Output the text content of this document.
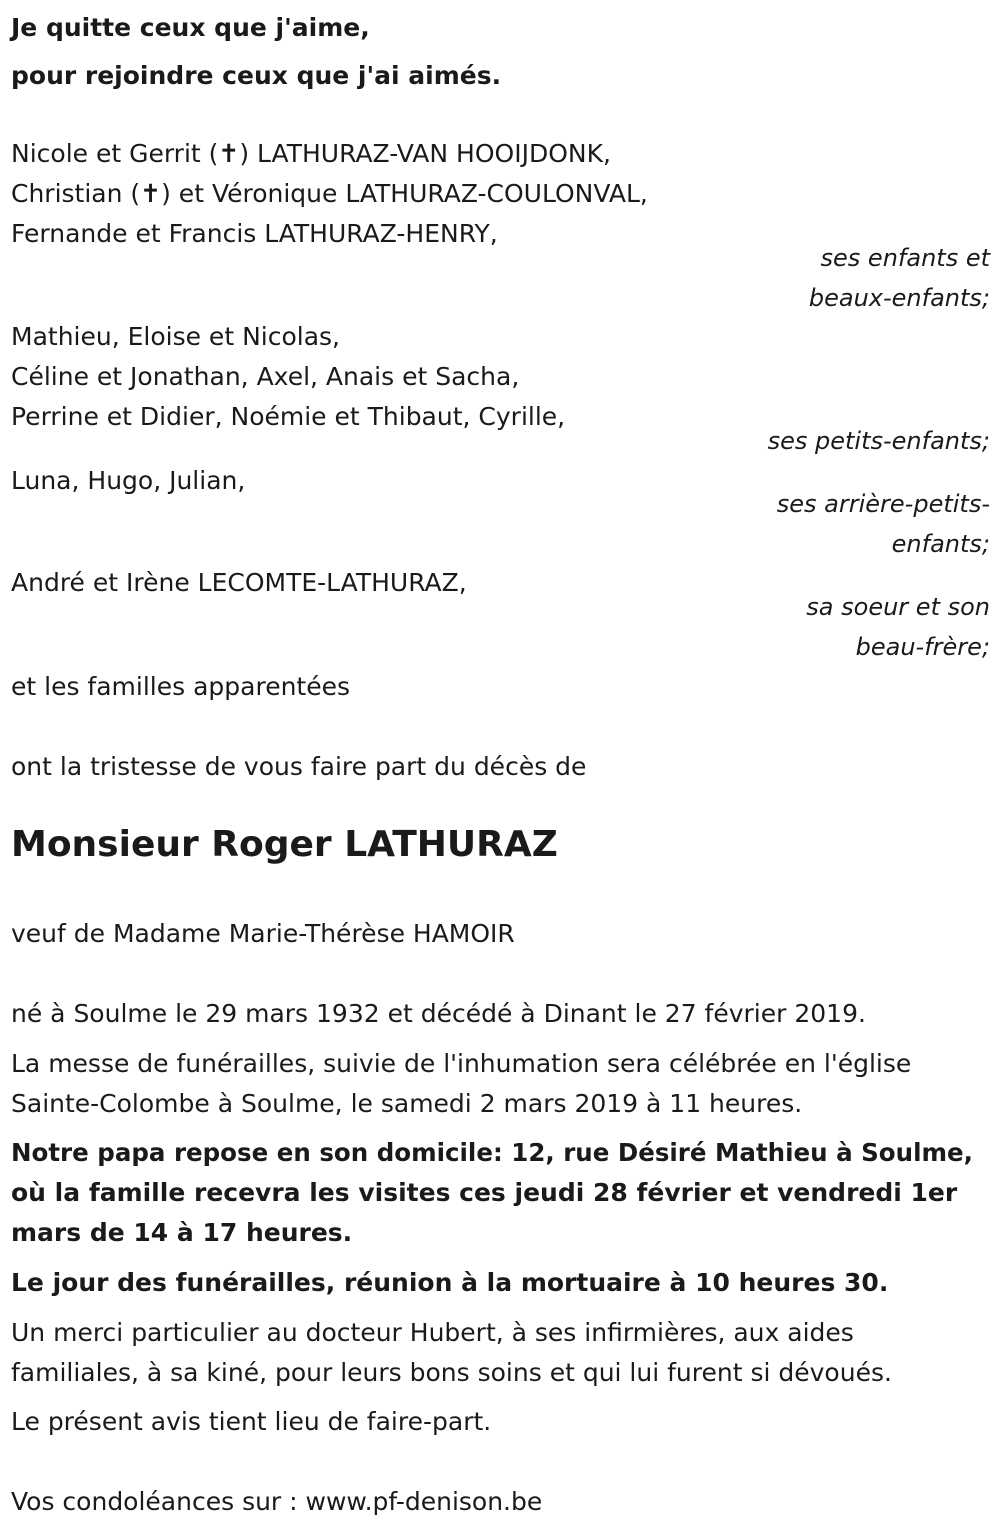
Je quitte ceux que j'aime,
pour rejoindre ceux que j'ai aimés.
Nicole et Gerrit (✝) LATHURAZ-VAN HOOIJDONK,
Christian (✝) et Véronique LATHURAZ-COULONVAL,
Fernande et Francis LATHURAZ-HENRY,
ses enfants et
beaux-enfants;
Mathieu, Eloise et Nicolas,
Céline et Jonathan, Axel, Anais et Sacha,
Perrine et Didier, Noémie et Thibaut, Cyrille,
ses petits-enfants;
Luna, Hugo, Julian,
ses arrière-petits-
enfants;
André et Irène LECOMTE-LATHURAZ,
sa soeur et son
beau-frère;
et les familles apparentées
ont la tristesse de vous faire part du décès de
Monsieur Roger LATHURAZ
veuf de Madame Marie-Thérèse HAMOIR
né à Soulme le 29 mars 1932 et décédé à Dinant le 27 février 2019.
La messe de funérailles, suivie de l'inhumation sera célébrée en l'église
Sainte-Colombe à Soulme, le samedi 2 mars 2019 à 11 heures.
Notre papa repose en son domicile: 12, rue Désiré Mathieu à Soulme,
où la famille recevra les visites ces jeudi 28 février et vendredi 1er
mars de 14 à 17 heures.
Le jour des funérailles, réunion à la mortuaire à 10 heures 30.
Un merci particulier au docteur Hubert, à ses infirmières, aux aides
familiales, à sa kiné, pour leurs bons soins et qui lui furent si dévoués.
Le présent avis tient lieu de faire-part.
Vos condoléances sur : www.pf-denison.be
